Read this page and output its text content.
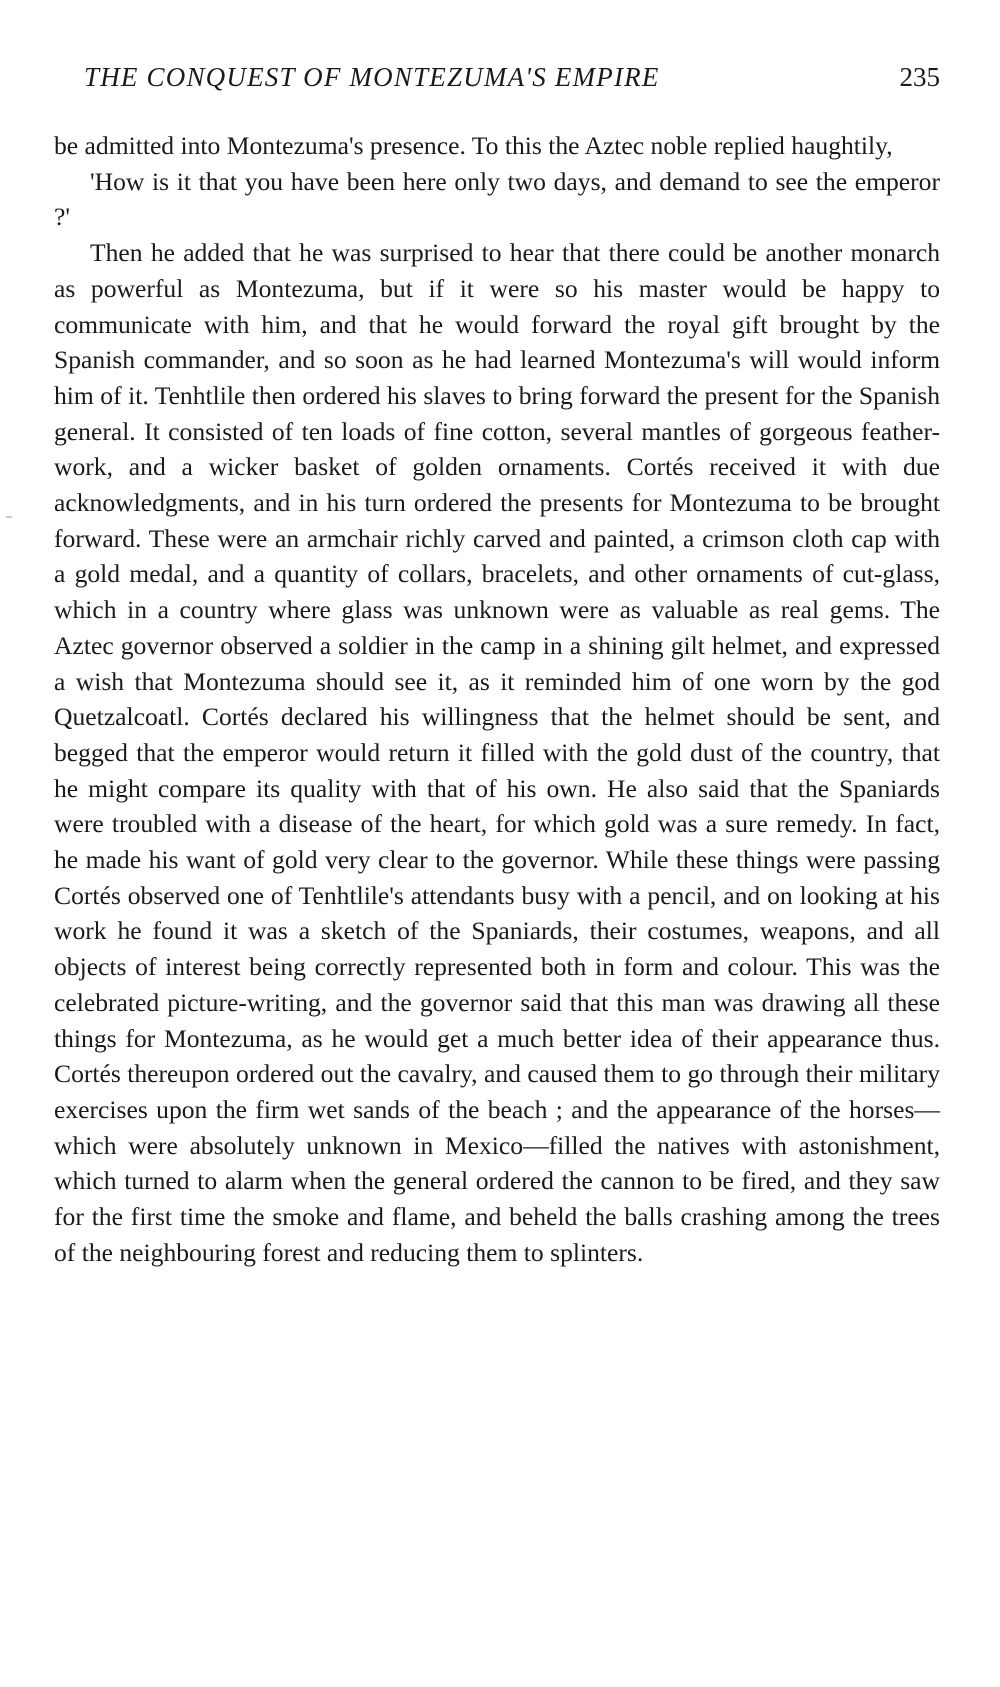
THE CONQUEST OF MONTEZUMA'S EMPIRE	235

be admitted into Montezuma's presence. To this the Aztec noble replied haughtily,

'How is it that you have been here only two days, and demand to see the emperor ?'

Then he added that he was surprised to hear that there could be another monarch as powerful as Montezuma, but if it were so his master would be happy to communicate with him, and that he would forward the royal gift brought by the Spanish commander, and so soon as he had learned Montezuma's will would inform him of it. Tenhtlile then ordered his slaves to bring forward the present for the Spanish general. It consisted of ten loads of fine cotton, several mantles of gorgeous feather-work, and a wicker basket of golden ornaments. Cortés received it with due acknowledgments, and in his turn ordered the presents for Montezuma to be brought forward. These were an armchair richly carved and painted, a crimson cloth cap with a gold medal, and a quantity of collars, bracelets, and other ornaments of cut-glass, which in a country where glass was unknown were as valuable as real gems. The Aztec governor observed a soldier in the camp in a shining gilt helmet, and expressed a wish that Montezuma should see it, as it reminded him of one worn by the god Quetzalcoatl. Cortés declared his willingness that the helmet should be sent, and begged that the emperor would return it filled with the gold dust of the country, that he might compare its quality with that of his own. He also said that the Spaniards were troubled with a disease of the heart, for which gold was a sure remedy. In fact, he made his want of gold very clear to the governor. While these things were passing Cortés observed one of Tenhtlile's attendants busy with a pencil, and on looking at his work he found it was a sketch of the Spaniards, their costumes, weapons, and all objects of interest being correctly represented both in form and colour. This was the celebrated picture-writing, and the governor said that this man was drawing all these things for Montezuma, as he would get a much better idea of their appearance thus. Cortés thereupon ordered out the cavalry, and caused them to go through their military exercises upon the firm wet sands of the beach ; and the appearance of the horses—which were absolutely unknown in Mexico—filled the natives with astonishment, which turned to alarm when the general ordered the cannon to be fired, and they saw for the first time the smoke and flame, and beheld the balls crashing among the trees of the neighbouring forest and reducing them to splinters.
